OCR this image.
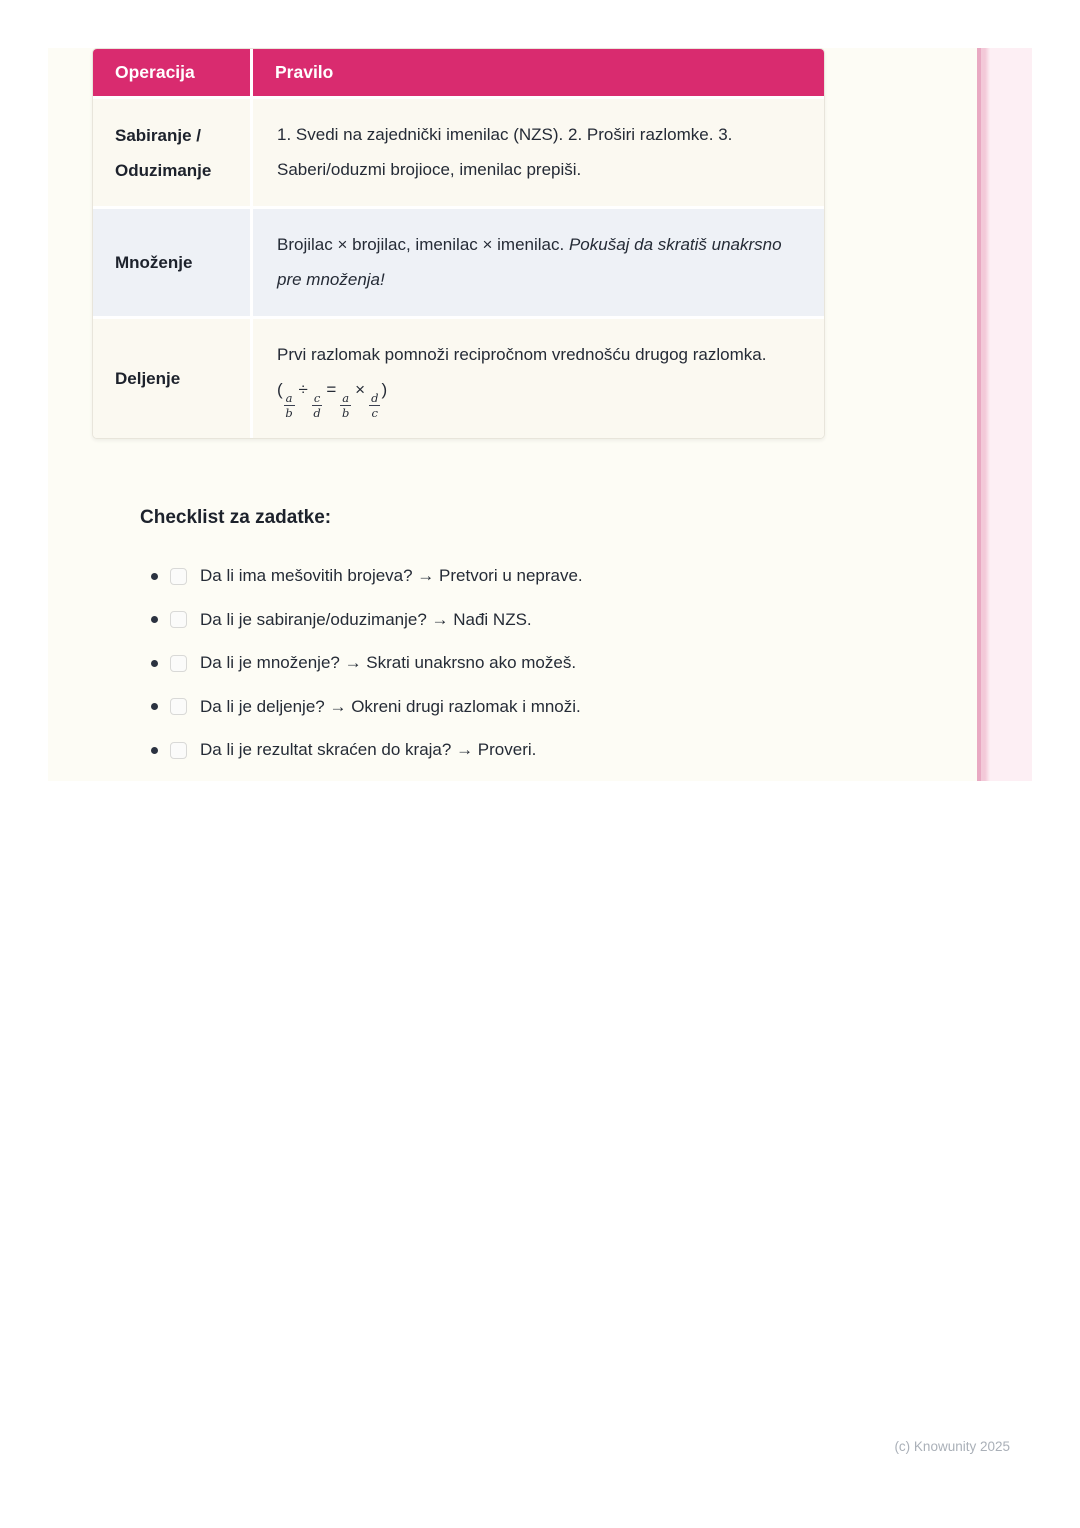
Operacija	Pravilo
Sabiranje / Oduzimanje	1. Svedi na zajednički imenilac (NZS). 2. Proširi razlomke. 3. Saberi/oduzmi brojioce, imenilac prepiši.
Množenje	Brojilac × brojilac, imenilac × imenilac. Pokušaj da skratiš unakrsno pre množenja!
Deljenje	Prvi razlomak pomnoži recipročnom vrednošću drugog razlomka. (
$\frac{a}{b}$
÷
$\frac{c}{d}$
=
$\frac{a}{b}$
×
$\frac{d}{c}$
)
Checklist za zadatke:
Da li ima mešovitih brojeva? → Pretvori u neprave.
Da li je sabiranje/oduzimanje? → Nađi NZS.
Da li je množenje? → Skrati unakrsno ako možeš.
Da li je deljenje? → Okreni drugi razlomak i množi.
Da li je rezultat skraćen do kraja? → Proveri.
(c) Knowunity 2025
